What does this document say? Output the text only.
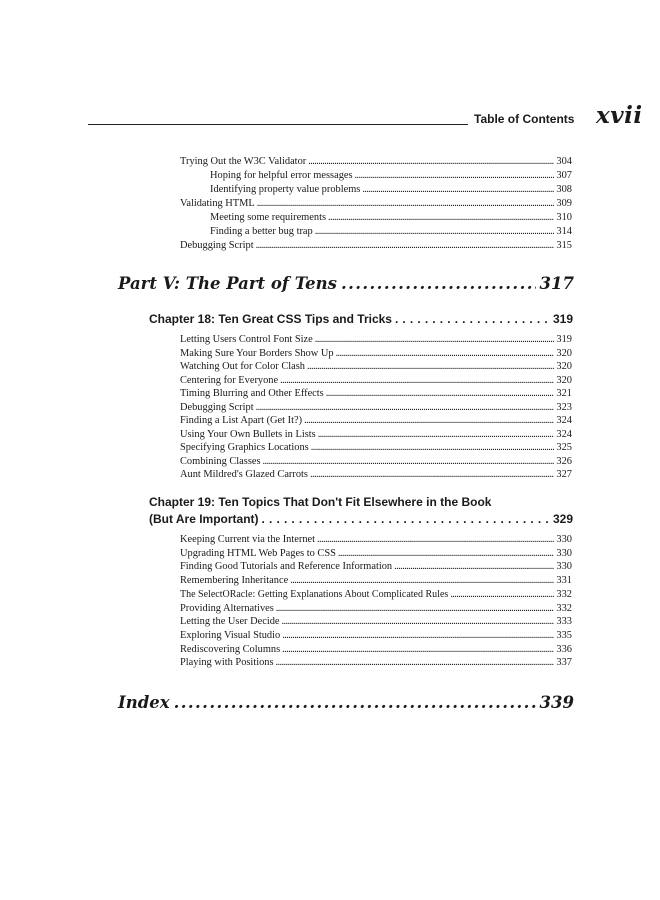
Table of Contents xvii
Trying Out the W3C Validator . . .	304
Hoping for helpful error messages . . .	307
Identifying property value problems . . .	308
Validating HTML . . .	309
Meeting some requirements . . .	310
Finding a better bug trap . . .	314
Debugging Script . . .	315
Part V: The Part of Tens .....	317
Chapter 18: Ten Great CSS Tips and Tricks . . .	319
Letting Users Control Font Size . . .	319
Making Sure Your Borders Show Up . . .	320
Watching Out for Color Clash . . .	320
Centering for Everyone . . .	320
Timing Blurring and Other Effects . . .	321
Debugging Script . . .	323
Finding a List Apart (Get It?) . . .	324
Using Your Own Bullets in Lists . . .	324
Specifying Graphics Locations . . .	325
Combining Classes . . .	326
Aunt Mildred's Glazed Carrots . . .	327
Chapter 19: Ten Topics That Don't Fit Elsewhere in the Book
(But Are Important) . . .	329
Keeping Current via the Internet . . .	330
Upgrading HTML Web Pages to CSS . . .	330
Finding Good Tutorials and Reference Information . . .	330
Remembering Inheritance . . .	331
The SelectORacle: Getting Explanations About Complicated Rules . . .	332
Providing Alternatives . . .	332
Letting the User Decide . . .	333
Exploring Visual Studio . . .	335
Rediscovering Columns . . .	336
Playing with Positions . . .	337
Index .....	339
